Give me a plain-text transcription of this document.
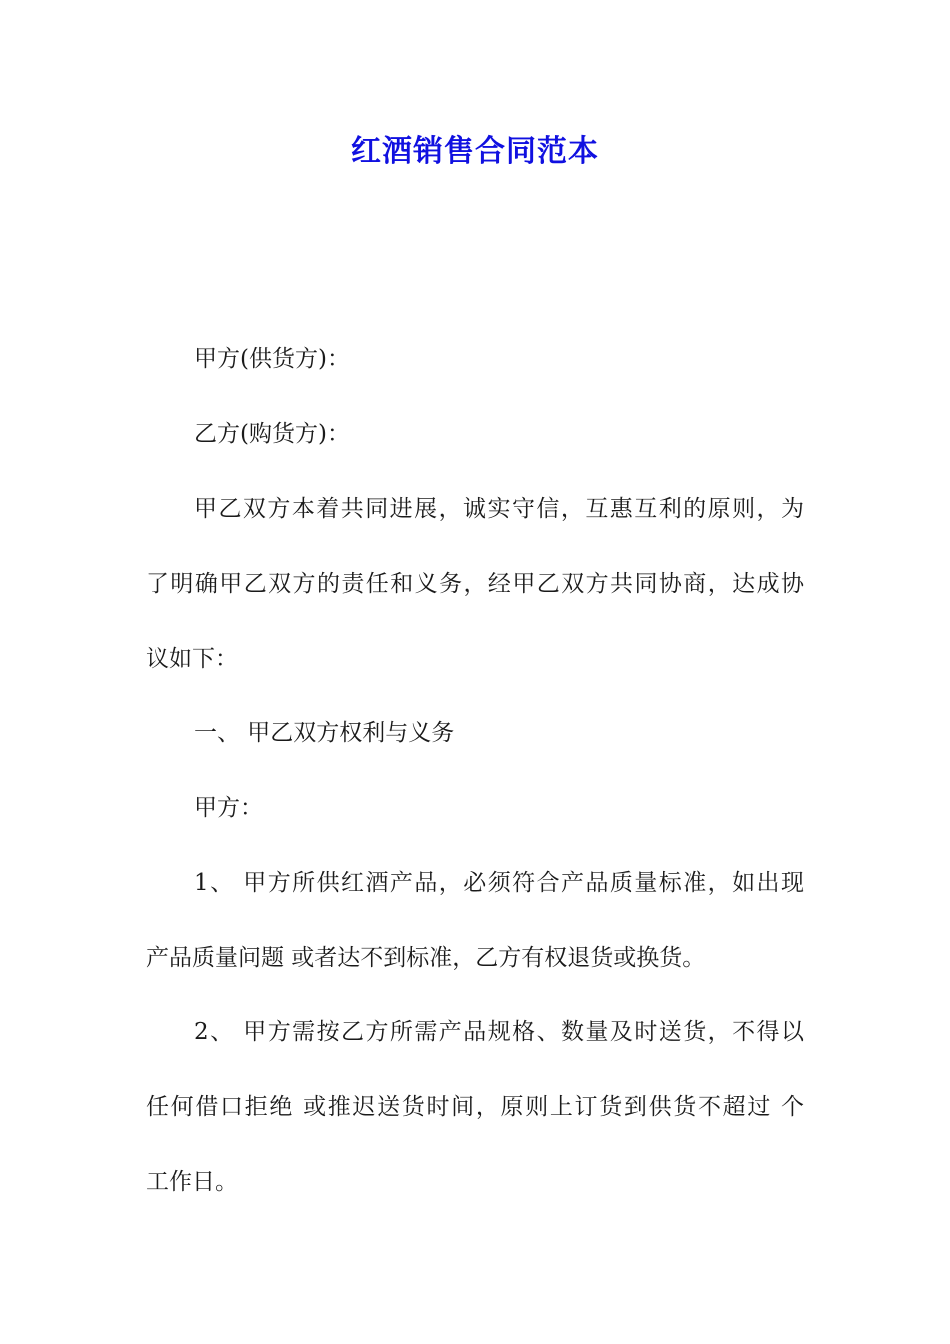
红酒销售合同范本
甲方(供货方)：
乙方(购货方)：
甲乙双方本着共同进展，诚实守信，互惠互利的原则，为
了明确甲乙双方的责任和义务，经甲乙双方共同协商，达成协
议如下：
一、 甲乙双方权利与义务
甲方：
1、 甲方所供红酒产品，必须符合产品质量标准，如出现
产品质量问题 或者达不到标准，乙方有权退货或换货。
2、 甲方需按乙方所需产品规格、数量及时送货，不得以
任何借口拒绝 或推迟送货时间，原则上订货到供货不超过 个
工作日。
